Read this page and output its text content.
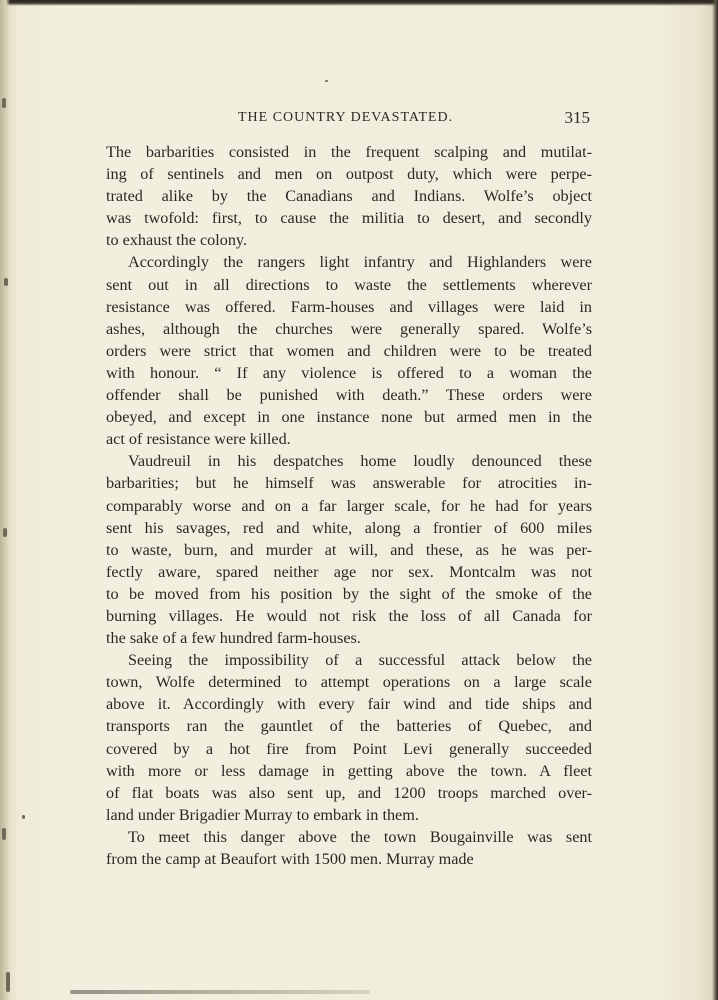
THE COUNTRY DEVASTATED.	315

The barbarities consisted in the frequent scalping and mutilat-
ing of sentinels and men on outpost duty, which were perpe-
trated alike by the Canadians and Indians. Wolfe’s object
was twofold: first, to cause the militia to desert, and secondly
to exhaust the colony.

Accordingly the rangers light infantry and Highlanders were
sent out in all directions to waste the settlements wherever
resistance was offered. Farm-houses and villages were laid in
ashes, although the churches were generally spared. Wolfe’s
orders were strict that women and children were to be treated
with honour. “ If any violence is offered to a woman the
offender shall be punished with death.” These orders were
obeyed, and except in one instance none but armed men in the
act of resistance were killed.

Vaudreuil in his despatches home loudly denounced these
barbarities; but he himself was answerable for atrocities in-
comparably worse and on a far larger scale, for he had for years
sent his savages, red and white, along a frontier of 600 miles
to waste, burn, and murder at will, and these, as he was per-
fectly aware, spared neither age nor sex. Montcalm was not
to be moved from his position by the sight of the smoke of the
burning villages. He would not risk the loss of all Canada for
the sake of a few hundred farm-houses.

Seeing the impossibility of a successful attack below the
town, Wolfe determined to attempt operations on a large scale
above it. Accordingly with every fair wind and tide ships and
transports ran the gauntlet of the batteries of Quebec, and
covered by a hot fire from Point Levi generally succeeded
with more or less damage in getting above the town. A fleet
of flat boats was also sent up, and 1200 troops marched over-
land under Brigadier Murray to embark in them.

To meet this danger above the town Bougainville was sent
from the camp at Beaufort with 1500 men. Murray made
